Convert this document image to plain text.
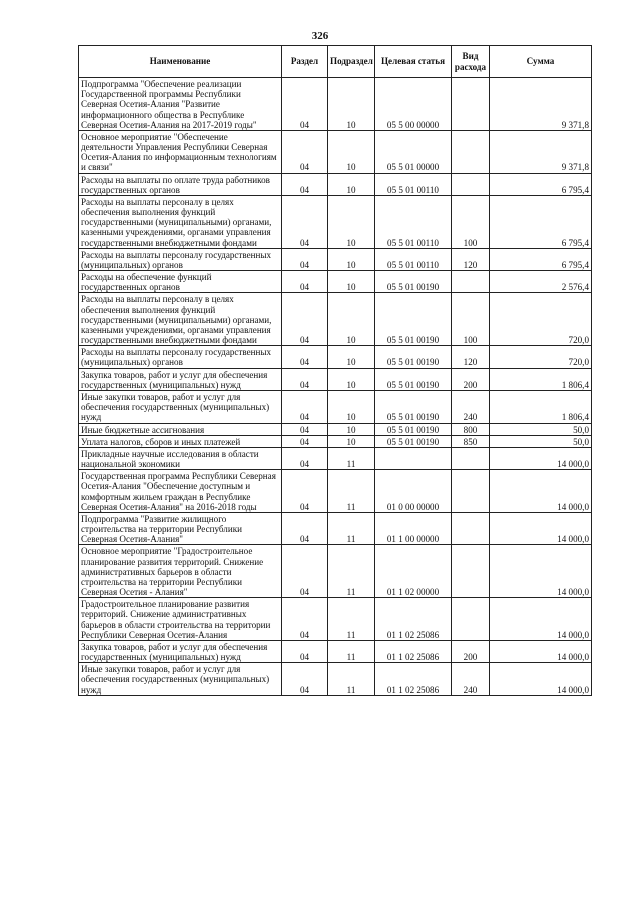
326
Наименование	Раздел	Подраздел	Целевая статья	Вид расхода	Сумма
Подпрограмма "Обеспечение реализации Государственной программы Республики Северная Осетия-Алания "Развитие информационного общества в Республике Северная Осетия-Алания на 2017-2019 годы"	04	10	05 5 00 00000		9 371,8
Основное мероприятие "Обеспечение деятельности Управления Республики Северная Осетия-Алания по информационным технологиям и связи"	04	10	05 5 01 00000		9 371,8
Расходы на выплаты по оплате труда работников государственных органов	04	10	05 5 01 00110		6 795,4
Расходы на выплаты персоналу в целях обеспечения выполнения функций государственными (муниципальными) органами, казенными учреждениями, органами управления государственными внебюджетными фондами	04	10	05 5 01 00110	100	6 795,4
Расходы на выплаты персоналу государственных (муниципальных) органов	04	10	05 5 01 00110	120	6 795,4
Расходы на обеспечение функций государственных органов	04	10	05 5 01 00190		2 576,4
Расходы на выплаты персоналу в целях обеспечения выполнения функций государственными (муниципальными) органами, казенными учреждениями, органами управления государственными внебюджетными фондами	04	10	05 5 01 00190	100	720,0
Расходы на выплаты персоналу государственных (муниципальных) органов	04	10	05 5 01 00190	120	720,0
Закупка товаров, работ и услуг для обеспечения государственных (муниципальных) нужд	04	10	05 5 01 00190	200	1 806,4
Иные закупки товаров, работ и услуг для обеспечения государственных (муниципальных) нужд	04	10	05 5 01 00190	240	1 806,4
Иные бюджетные ассигнования	04	10	05 5 01 00190	800	50,0
Уплата налогов, сборов и иных платежей	04	10	05 5 01 00190	850	50,0
Прикладные научные исследования в области национальной экономики	04	11			14 000,0
Государственная программа Республики Северная Осетия-Алания "Обеспечение доступным и комфортным жильем граждан в Республике Северная Осетия-Алания" на 2016-2018 годы	04	11	01 0 00 00000		14 000,0
Подпрограмма "Развитие жилищного строительства на территории Республики Северная Осетия-Алания"	04	11	01 1 00 00000		14 000,0
Основное мероприятие "Градостроительное планирование развития территорий. Снижение административных барьеров в области строительства на территории Республики Северная Осетия - Алания"	04	11	01 1 02 00000		14 000,0
Градостроительное планирование развития территорий. Снижение административных барьеров в области строительства на территории Республики Северная Осетия-Алания	04	11	01 1 02 25086		14 000,0
Закупка товаров, работ и услуг для обеспечения государственных (муниципальных) нужд	04	11	01 1 02 25086	200	14 000,0
Иные закупки товаров, работ и услуг для обеспечения государственных (муниципальных) нужд	04	11	01 1 02 25086	240	14 000,0
